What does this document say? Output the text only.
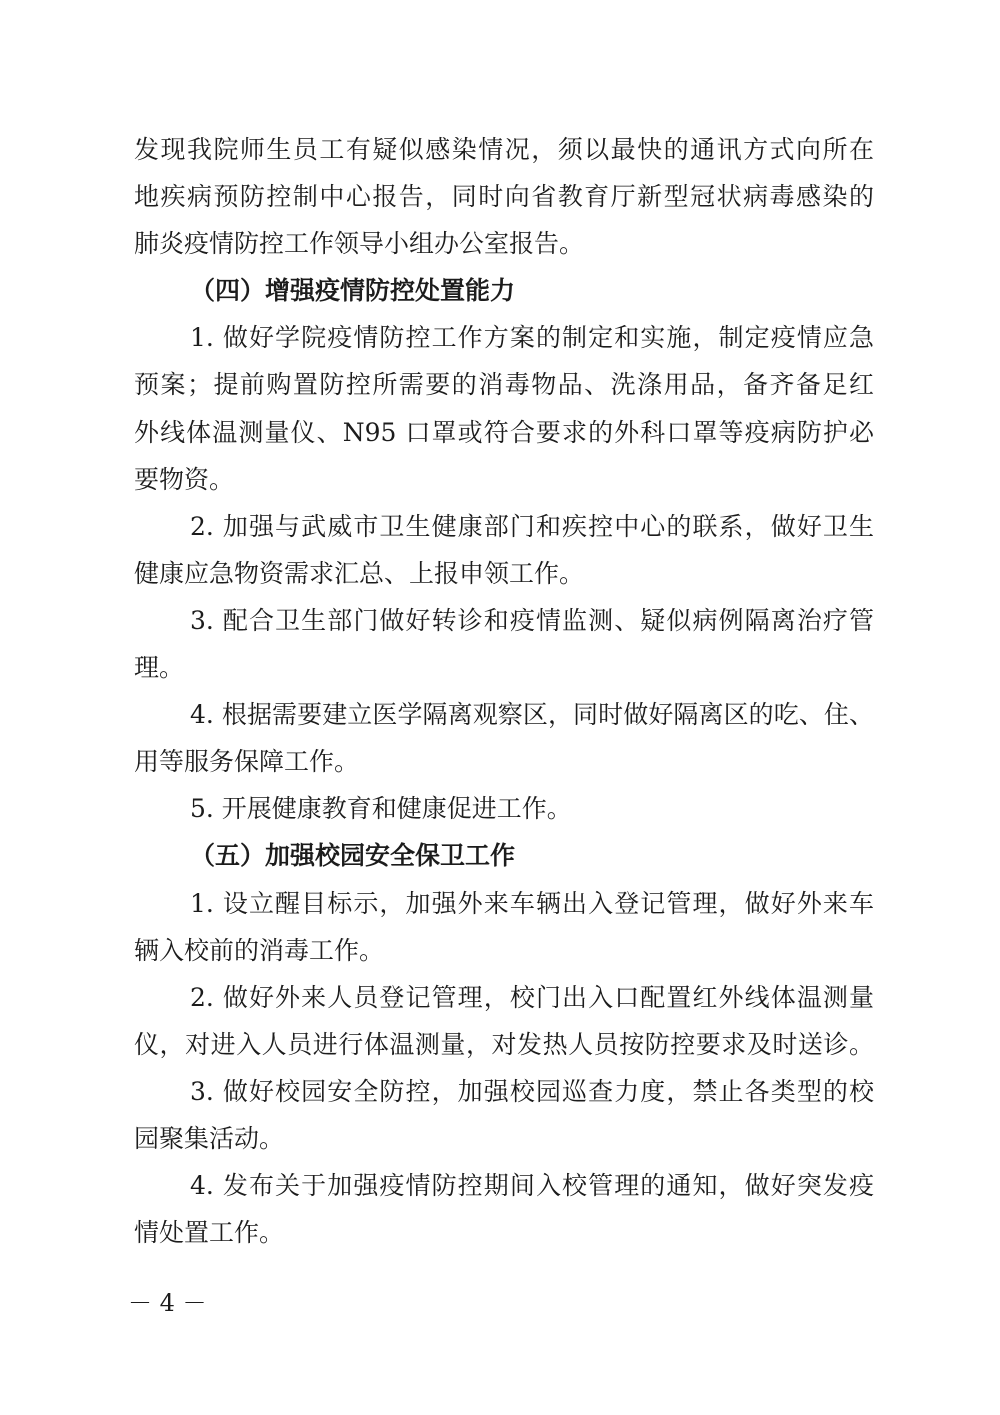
发现我院师生员工有疑似感染情况，须以最快的通讯方式向所在
地疾病预防控制中心报告，同时向省教育厅新型冠状病毒感染的
肺炎疫情防控工作领导小组办公室报告。
（四）增强疫情防控处置能力
1. 做好学院疫情防控工作方案的制定和实施，制定疫情应急
预案；提前购置防控所需要的消毒物品、洗涤用品，备齐备足红
外线体温测量仪、N95 口罩或符合要求的外科口罩等疫病防护必
要物资。
2. 加强与武威市卫生健康部门和疾控中心的联系，做好卫生
健康应急物资需求汇总、上报申领工作。
3. 配合卫生部门做好转诊和疫情监测、疑似病例隔离治疗管
理。
4. 根据需要建立医学隔离观察区，同时做好隔离区的吃、住、
用等服务保障工作。
5. 开展健康教育和健康促进工作。
（五）加强校园安全保卫工作
1. 设立醒目标示，加强外来车辆出入登记管理，做好外来车
辆入校前的消毒工作。
2. 做好外来人员登记管理，校门出入口配置红外线体温测量
仪，对进入人员进行体温测量，对发热人员按防控要求及时送诊。
3. 做好校园安全防控，加强校园巡查力度，禁止各类型的校
园聚集活动。
4. 发布关于加强疫情防控期间入校管理的通知，做好突发疫
情处置工作。
－ 4 －
